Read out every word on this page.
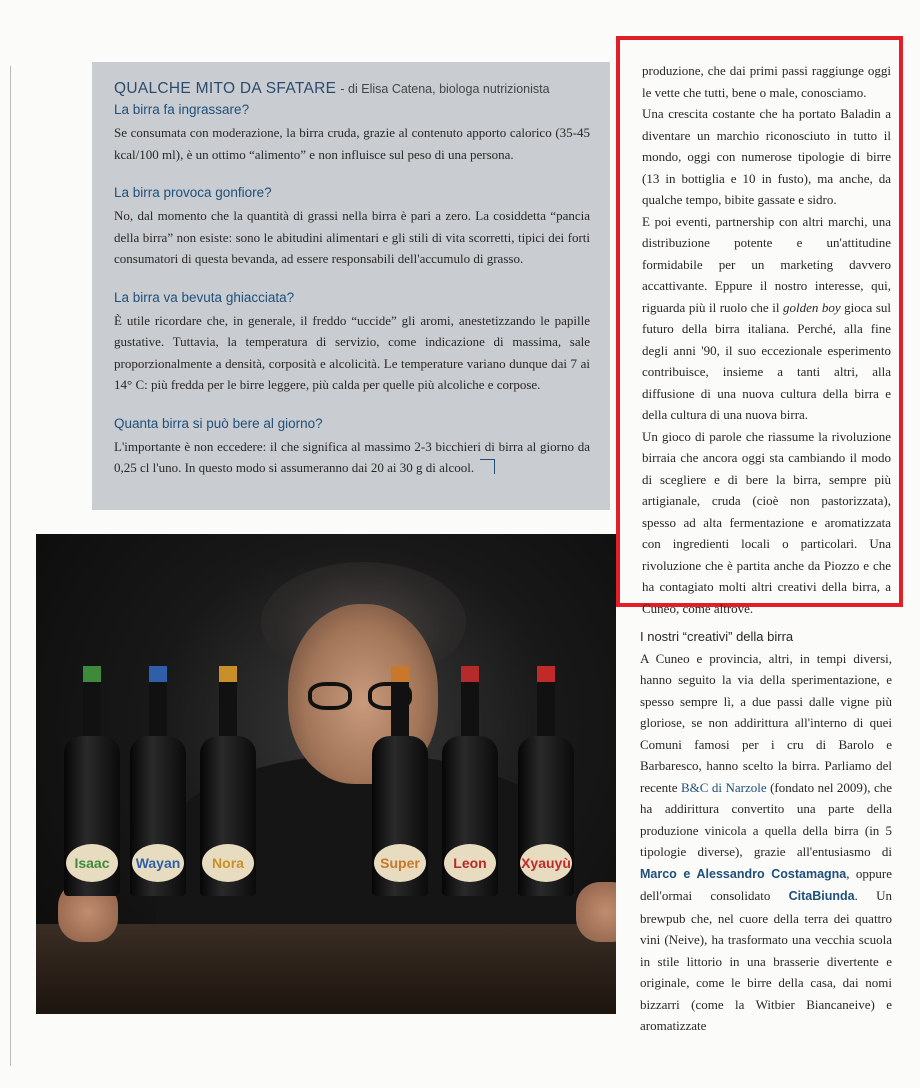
QUALCHE MITO DA SFATARE - di Elisa Catena, biologa nutrizionista

La birra fa ingrassare?

Se consumata con moderazione, la birra cruda, grazie al contenuto apporto calorico (35-45 kcal/100 ml), è un ottimo “alimento” e non influisce sul peso di una persona.

La birra provoca gonfiore?

No, dal momento che la quantità di grassi nella birra è pari a zero. La cosiddetta “pancia della birra” non esiste: sono le abitudini alimentari e gli stili di vita scorretti, tipici dei forti consumatori di questa bevanda, ad essere responsabili dell'accumulo di grasso.

La birra va bevuta ghiacciata?

È utile ricordare che, in generale, il freddo “uccide” gli aromi, anestetizzando le papille gustative. Tuttavia, la temperatura di servizio, come indicazione di massima, sale proporzionalmente a densità, corposità e alcolicità. Le temperature variano dunque dai 7 ai 14° C: più fredda per le birre leggere, più calda per quelle più alcoliche e corpose.

Quanta birra si può bere al giorno?

L'importante è non eccedere: il che significa al massimo 2-3 bicchieri di birra al giorno da 0,25 cl l'uno. In questo modo si assumeranno dai 20 ai 30 g di alcool.

produzione, che dai primi passi raggiunge oggi le vette che tutti, bene o male, conosciamo.

Una crescita costante che ha portato Baladin a diventare un marchio riconosciuto in tutto il mondo, oggi con numerose tipologie di birre (13 in bottiglia e 10 in fusto), ma anche, da qualche tempo, bibite gassate e sidro.

E poi eventi, partnership con altri marchi, una distribuzione potente e un'attitudine formidabile per un marketing davvero accattivante. Eppure il nostro interesse, qui, riguarda più il ruolo che il golden boy gioca sul futuro della birra italiana. Perché, alla fine degli anni '90, il suo eccezionale esperimento contribuisce, insieme a tanti altri, alla diffusione di una nuova cultura della birra e della cultura di una nuova birra.

Un gioco di parole che riassume la rivoluzione birraia che ancora oggi sta cambiando il modo di scegliere e di bere la birra, sempre più artigianale, cruda (cioè non pastorizzata), spesso ad alta fermentazione e aromatizzata con ingredienti locali o particolari. Una rivoluzione che è partita anche da Piozzo e che ha contagiato molti altri creativi della birra, a Cuneo, come altrove.

I nostri “creativi” della birra

A Cuneo e provincia, altri, in tempi diversi, hanno seguito la via della sperimentazione, e spesso sempre lì, a due passi dalle vigne più gloriose, se non addirittura all'interno di quei Comuni famosi per i cru di Barolo e Barbaresco, hanno scelto la birra. Parliamo del recente B&C di Narzole (fondato nel 2009), che ha addirittura convertito una parte della produzione vinicola a quella della birra (in 5 tipologie diverse), grazie all'entusiasmo di Marco e Alessandro Costamagna, oppure dell'ormai consolidato CitaBiunda. Un brewpub che, nel cuore della terra dei quattro vini (Neive), ha trasformato una vecchia scuola in stile littorio in una brasserie divertente e originale, come le birre della casa, dai nomi bizzarri (come la Witbier Biancaneive) e aromatizzate

Isaac	Wayan	Nora	Super	Leon	Xyauyù
